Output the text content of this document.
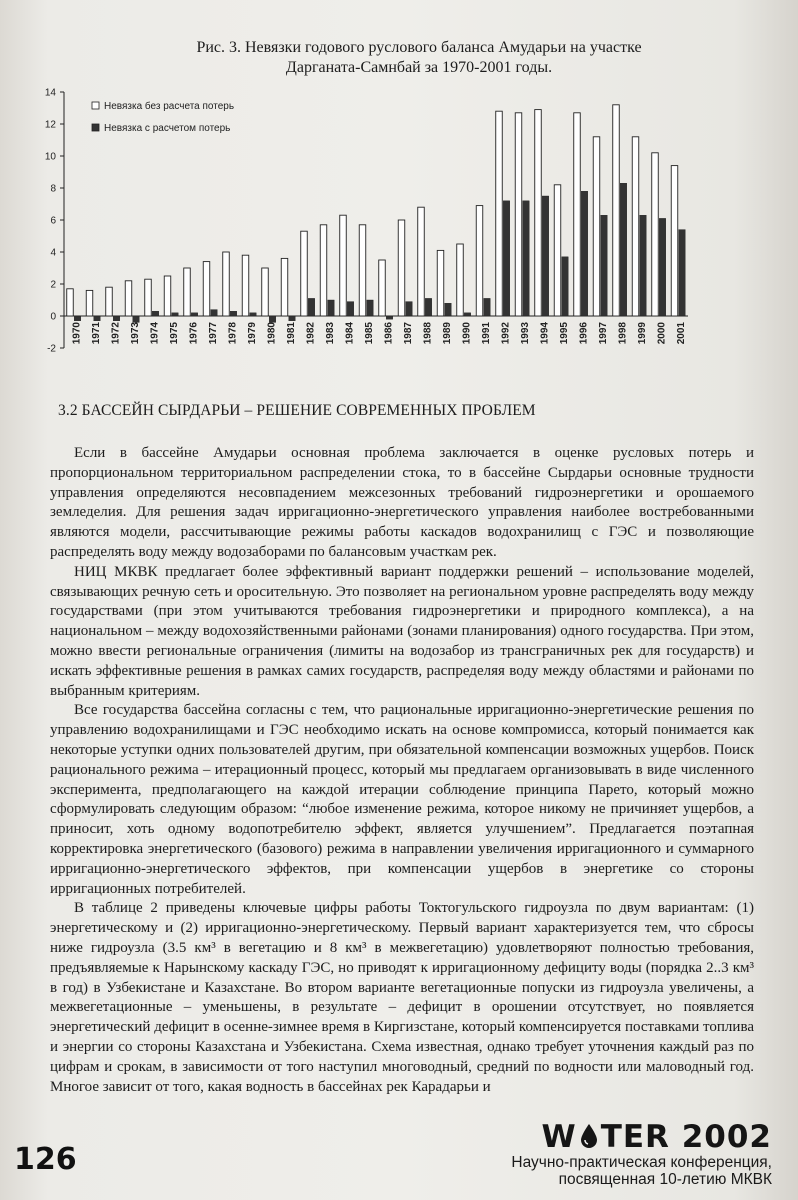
Рис. 3. Невязки годового руслового баланса Амударьи на участке
Дарганата-Самнбай за 1970-2001 годы.
-2
0
2
4
6
8
10
12
14
1970 1971 1972 1973 1974 1975 1976 1977 1978 1979 1980 1981 1982 1983 1984 1985 1986 1987 1988 1989 1990 1991 1992 1993 1994 1995 1996 1997 1998 1999 2000 2001
Невязка без расчета потерь
Невязка с расчетом потерь
3.2 БАССЕЙН СЫРДАРЬИ – РЕШЕНИЕ СОВРЕМЕННЫХ ПРОБЛЕМ

Если в бассейне Амударьи основная проблема заключается в оценке русловых потерь и пропорциональном территориальном распределении стока, то в бассейне Сырдарьи основные трудности управления определяются несовпадением межсезонных требований гидроэнергетики и орошаемого земледелия. Для решения задач ирригационно-энергетического управления наиболее востребованными являются модели, рассчитывающие режимы работы каскадов водохранилищ с ГЭС и позволяющие распределять воду между водозаборами по балансовым участкам рек.

НИЦ МКВК предлагает более эффективный вариант поддержки решений – использование моделей, связывающих речную сеть и оросительную. Это позволяет на региональном уровне распределять воду между государствами (при этом учитываются требования гидроэнергетики и природного комплекса), а на национальном – между водохозяйственными районами (зонами планирования) одного государства. При этом, можно ввести региональные ограничения (лимиты на водозабор из трансграничных рек для государств) и искать эффективные решения в рамках самих государств, распределяя воду между областями и районами по выбранным критериям.

Все государства бассейна согласны с тем, что рациональные ирригационно-энергетические решения по управлению водохранилищами и ГЭС необходимо искать на основе компромисса, который понимается как некоторые уступки одних пользователей другим, при обязательной компенсации возможных ущербов. Поиск рационального режима – итерационный процесс, который мы предлагаем организовывать в виде численного эксперимента, предполагающего на каждой итерации соблюдение принципа Парето, который можно сформулировать следующим образом: “любое изменение режима, которое никому не причиняет ущербов, а приносит, хоть одному водопотребителю эффект, является улучшением”. Предлагается поэтапная корректировка энергетического (базового) режима в направлении увеличения ирригационного и суммарного ирригационно-энергетического эффектов, при компенсации ущербов в энергетике со стороны ирригационных потребителей.

В таблице 2 приведены ключевые цифры работы Токтогульского гидроузла по двум вариантам: (1) энергетическому и (2) ирригационно-энергетическому. Первый вариант характеризуется тем, что сбросы ниже гидроузла (3.5 км³ в вегетацию и 8 км³ в межвегетацию) удовлетворяют полностью требования, предъявляемые к Нарынскому каскаду ГЭС, но приводят к ирригационному дефициту воды (порядка 2..3 км³ в год) в Узбекистане и Казахстане. Во втором варианте вегетационные попуски из гидроузла увеличены, а межвегетационные – уменьшены, в результате – дефицит в орошении отсутствует, но появляется энергетический дефицит в осенне-зимнее время в Киргизстане, который компенсируется поставками топлива и энергии со стороны Казахстана и Узбекистана. Схема известная, однако требует уточнения каждый раз по цифрам и срокам, в зависимости от того наступил многоводный, средний по водности или маловодный год. Многое зависит от того, какая водность в бассейнах рек Карадарьи и

126
W TER 2002
Научно-практическая конференция,
посвященная 10-летию МКВК
